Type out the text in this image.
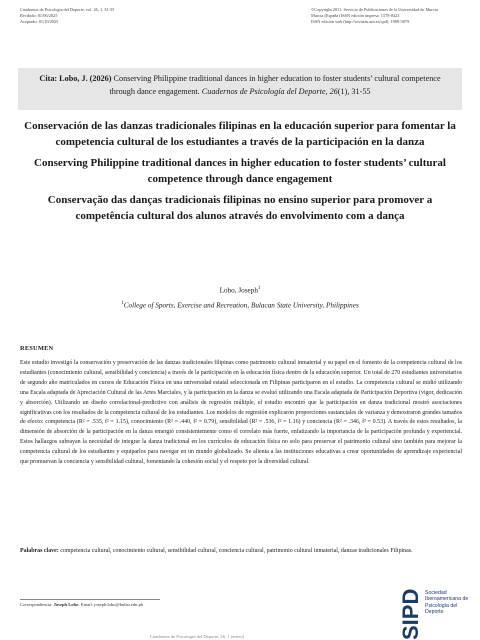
Cuadernos de Psicología del Deporte, vol. 26, 1, 31-55
Recibido: 01/06/2025
Aceptado: 01/10/2025
©Copyright 2011: Servicio de Publicaciones de la Universidad de Murcia
Murcia (España) ISSN edición impresa: 1578-8423
ISSN edición web (http://revistas.um.es/cpd): 1989-5879
Cita: Lobo, J. (2026) Conserving Philippine traditional dances in higher education to foster students’ cultural competence through dance engagement. Cuadernos de Psicología del Deporte, 26(1), 31-55

Conservación de las danzas tradicionales filipinas en la educación superior para fomentar la competencia cultural de los estudiantes a través de la participación en la danza

Conserving Philippine traditional dances in higher education to foster students’ cultural competence through dance engagement

Conservação das danças tradicionais filipinas no ensino superior para promover a competência cultural dos alunos através do envolvimento com a dança

Lobo, Joseph$^1$
$^1$College of Sports, Exercise and Recreation, Bulacan State University, Philippines
RESUMEN
Este estudio investigó la conservación y preservación de las danzas tradicionales filipinas como patrimonio cultural inmaterial y su papel en el fomento de la competencia cultural de los estudiantes (conocimiento cultural, sensibilidad y conciencia) a través de la participación en la educación física dentro de la educación superior. Un total de 270 estudiantes universitarios de segundo año matriculados en cursos de Educación Física en una universidad estatal seleccionada en Filipinas participaron en el estudio. La competencia cultural se midió utilizando una Escala adaptada de Apreciación Cultural de las Artes Marciales, y la participación en la danza se evaluó utilizando una Escala adaptada de Participación Deportiva (vigor, dedicación y absorción). Utilizando un diseño correlacional-predictivo con análisis de regresión múltiple, el estudio encontró que la participación en danza tradicional mostró asociaciones significativas con los resultados de la competencia cultural de los estudiantes. Los modelos de regresión explicaron proporciones sustanciales de varianza y demostraron grandes tamaños de efecto: competencia (R² = .535, f² = 1.15), conocimiento (R² = .440, f² = 0.79), sensibilidad (R² = .536, f² = 1.16) y conciencia (R² = .346, f² = 0.53). A través de estos resultados, la dimensión de absorción de la participación en la danza emergió consistentemente como el correlato más fuerte, enfatizando la importancia de la participación profunda y experiencial. Estos hallazgos subrayan la necesidad de integrar la danza tradicional en los currículos de educación física no solo para preservar el patrimonio cultural sino también para mejorar la competencia cultural de los estudiantes y equiparlos para navegar en un mundo globalizado. Se alienta a las instituciones educativas a crear oportunidades de aprendizaje experiencial que promuevan la conciencia y sensibilidad cultural, fomentando la cohesión social y el respeto por la diversidad cultural.
Palabras clave: competencia cultural, conocimiento cultural, sensibilidad cultural, conciencia cultural, patrimonio cultural inmaterial, danzas tradicionales Filipinas.
Correspondencia: Joseph Lobo. Email: joseph.lobo@bulsu.edu.ph
Cuadernos de Psicología del Deporte, 26, 1 (enero)	SIPD Sociedad
Iberoamericana de
Psicología del
Deporte
